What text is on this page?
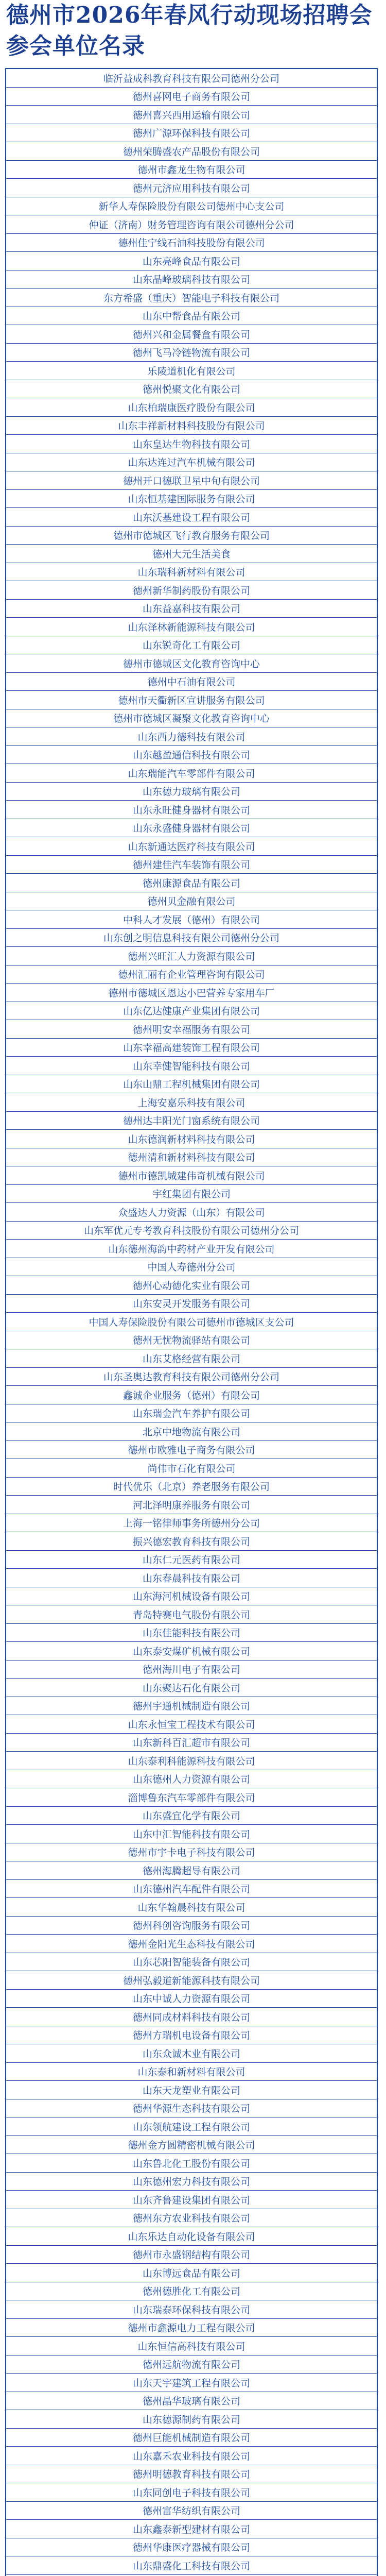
德州市2026年春风行动现场招聘会
参会单位名录
临沂益成科教育科技有限公司德州分公司
德州喜网电子商务有限公司
德州喜兴西用运输有限公司
德州广源环保科技有限公司
德州荣腾盛农产品股份有限公司
德州市鑫龙生物有限公司
德州元济应用科技有限公司
新华人寿保险股份有限公司德州中心支公司
仲证（济南）财务管理咨询有限公司德州分公司
德州佳宁线石油科技股份有限公司
山东亮峰食品有限公司
山东晶峰玻璃科技有限公司
东方希盛（重庆）智能电子科技有限公司
山东中帮食品有限公司
德州兴和金属餐盒有限公司
德州飞马冷链物流有限公司
乐陵道机化有限公司
德州悦聚文化有限公司
山东柏瑞康医疗股份有限公司
山东丰祥新材料科技股份有限公司
山东皇达生物科技有限公司
山东达连过汽车机械有限公司
德州开口德联卫星中旬有限公司
山东恒基建国际服务有限公司
山东沃基建设工程有限公司
德州市德城区飞行教育服务有限公司
德州大元生活美食
山东瑞科新材料有限公司
德州新华制药股份有限公司
山东益嘉科技有限公司
山东泽林新能源科技有限公司
山东锐奇化工有限公司
德州市德城区文化教育咨询中心
德州中石油有限公司
德州市天衢新区宣讲服务有限公司
德州市德城区凝聚文化教育咨询中心
山东西力德科技有限公司
山东越盈通信科技有限公司
山东瑞能汽车零部件有限公司
山东德力玻璃有限公司
山东永旺健身器材有限公司
山东永盛健身器材有限公司
山东新通达医疗科技有限公司
德州建佳汽车装饰有限公司
德州康源食品有限公司
德州贝金融有限公司
中科人才发展（德州）有限公司
山东创之明信息科技有限公司德州分公司
德州兴旺汇人力资源有限公司
德州汇丽有企业管理咨询有限公司
德州市德城区恩达小巴营养专家用车厂
山东亿达健康产业集团有限公司
德州明安幸福服务有限公司
山东幸福高建装饰工程有限公司
山东幸健智能科技有限公司
山东山鼎工程机械集团有限公司
上海安嘉乐科技有限公司
德州达丰阳光门窗系统有限公司
山东德润新材料科技有限公司
德州清和新材料科技有限公司
德州市德凯城建伟奇机械有限公司
宇红集团有限公司
众盛达人力资源（山东）有限公司
山东军优元专考教育科技股份有限公司德州分公司
山东德州海韵中药材产业开发有限公司
中国人寿德州分公司
德州心动德化实业有限公司
山东安灵开发服务有限公司
中国人寿保险股份有限公司德州市德城区支公司
德州无忧物流驿站有限公司
山东艾格经营有限公司
山东圣奥达教育科技有限公司德州分公司
鑫诚企业服务（德州）有限公司
山东瑞金汽车养护有限公司
北京中地物流有限公司
德州市欧雅电子商务有限公司
尚伟市石化有限公司
时代优乐（北京）养老服务有限公司
河北泽明康养服务有限公司
上海一铭律师事务所德州分公司
振兴德宏教育科技有限公司
山东仁元医药有限公司
山东春晨科技有限公司
山东海河机械设备有限公司
青岛特赛电气股份有限公司
山东佳能科技有限公司
山东泰安煤矿机械有限公司
德州海川电子有限公司
山东聚达石化有限公司
德州宇通机械制造有限公司
山东永恒宝工程技术有限公司
山东新科百汇超市有限公司
山东泰利科能源科技有限公司
山东德州人力资源有限公司
淄博鲁东汽车零部件有限公司
山东盛宜化学有限公司
山东中汇智能科技有限公司
德州市宇卡电子科技有限公司
德州海腾超导有限公司
山东德州汽车配件有限公司
山东华翰晨科技有限公司
德州科创咨询服务有限公司
德州金阳光生态科技有限公司
山东芯阳智能装备有限公司
德州弘毅道新能源科技有限公司
山东中诚人力资源有限公司
德州同成材料科技有限公司
德州方瑞机电设备有限公司
山东众诚木业有限公司
山东泰和新材料有限公司
山东天龙塑业有限公司
德州华源生态科技有限公司
山东领航建设工程有限公司
德州金方圆精密机械有限公司
山东鲁北化工股份有限公司
山东德州宏力科技有限公司
山东齐鲁建设集团有限公司
德州东方农业科技有限公司
山东乐达自动化设备有限公司
德州市永盛钢结构有限公司
山东博远食品有限公司
德州德胜化工有限公司
山东瑞泰环保科技有限公司
德州市鑫源电力工程有限公司
山东恒信高科技有限公司
德州远航物流有限公司
山东天宇建筑工程有限公司
德州晶华玻璃有限公司
山东德源制药有限公司
德州巨能机械制造有限公司
山东嘉禾农业科技有限公司
德州明德教育科技有限公司
山东同创电子科技有限公司
德州富华纺织有限公司
山东鑫泰新型建材有限公司
德州华康医疗器械有限公司
山东鼎盛化工科技有限公司
